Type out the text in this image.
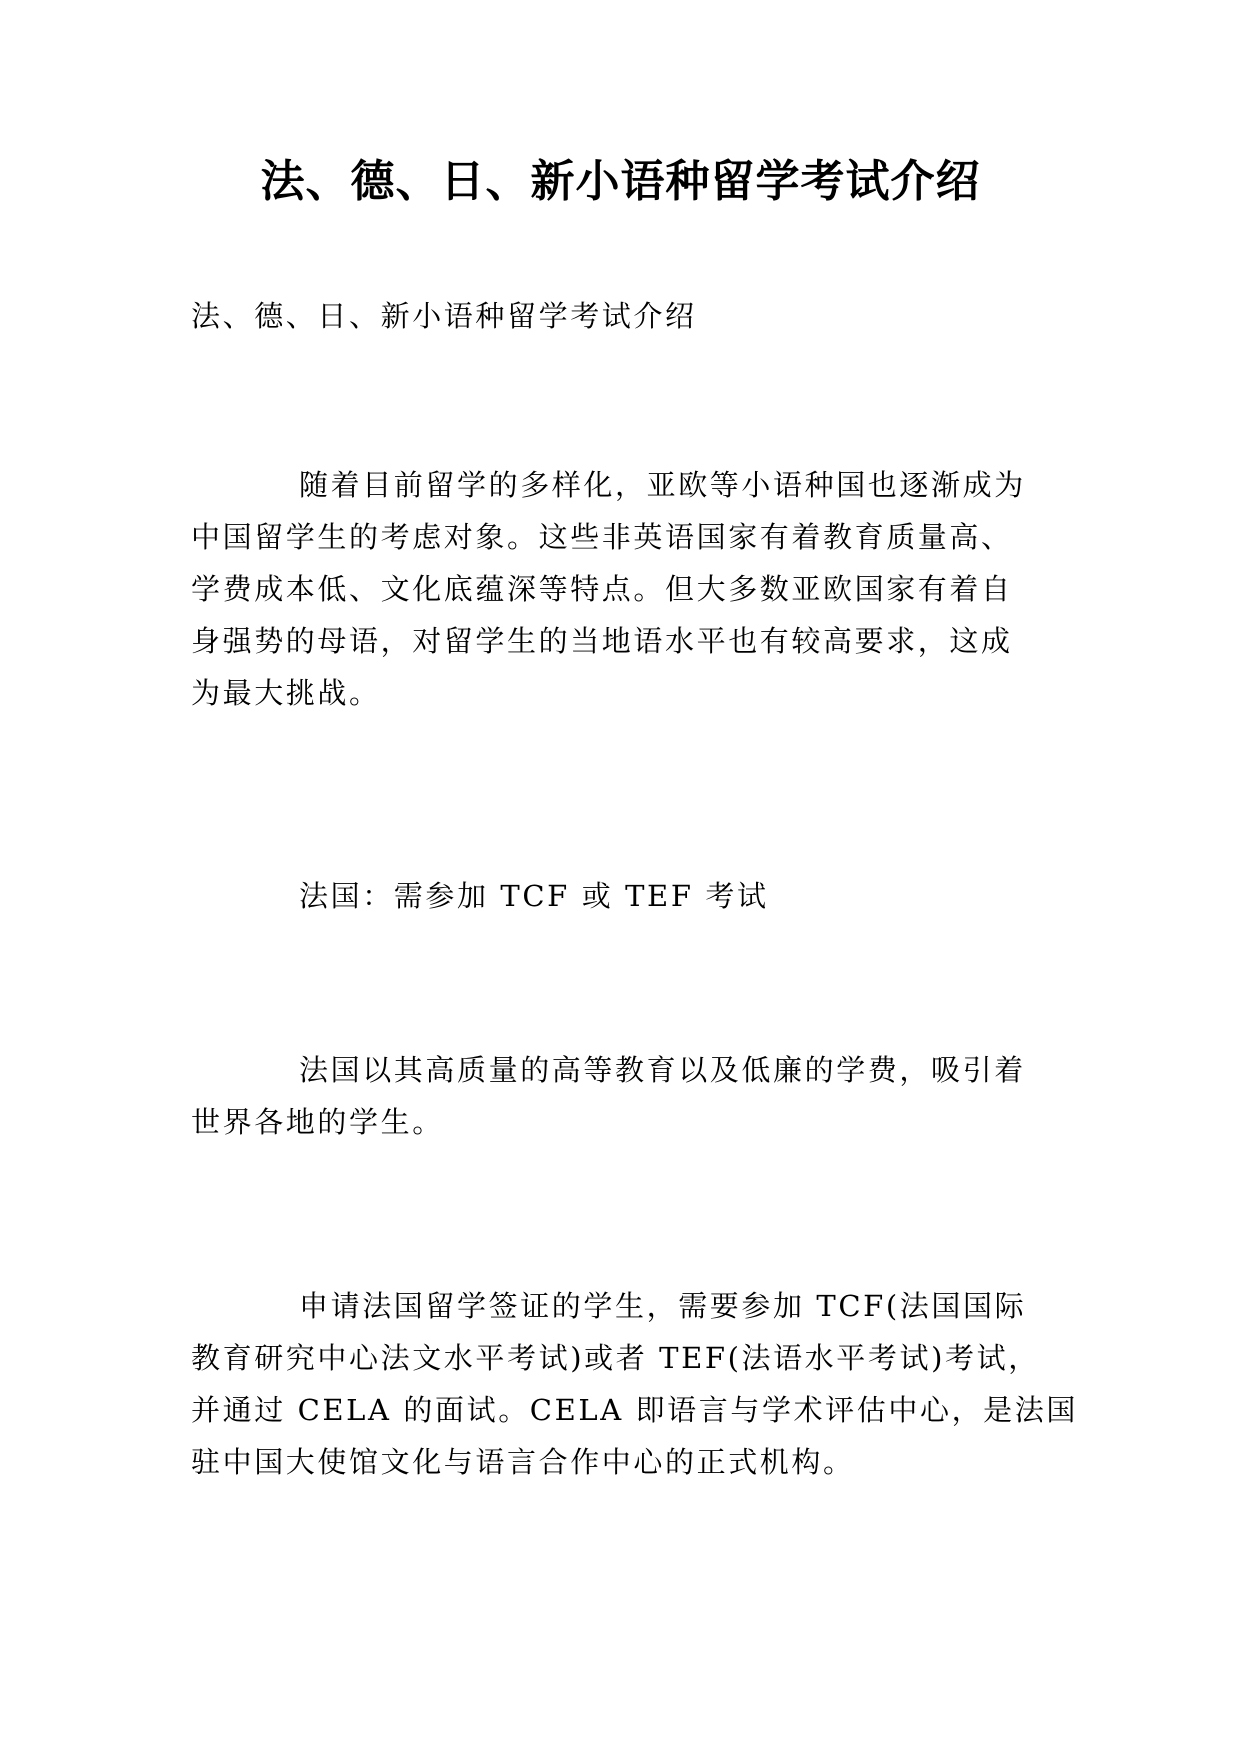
法、德、日、新小语种留学考试介绍

法、德、日、新小语种留学考试介绍

随着目前留学的多样化，亚欧等小语种国也逐渐成为
中国留学生的考虑对象。这些非英语国家有着教育质量高、
学费成本低、文化底蕴深等特点。但大多数亚欧国家有着自
身强势的母语，对留学生的当地语水平也有较高要求，这成
为最大挑战。

法国：需参加 TCF 或 TEF 考试

法国以其高质量的高等教育以及低廉的学费，吸引着
世界各地的学生。

申请法国留学签证的学生，需要参加 TCF(法国国际
教育研究中心法文水平考试)或者 TEF(法语水平考试)考试，
并通过 CELA 的面试。CELA 即语言与学术评估中心，是法国
驻中国大使馆文化与语言合作中心的正式机构。
